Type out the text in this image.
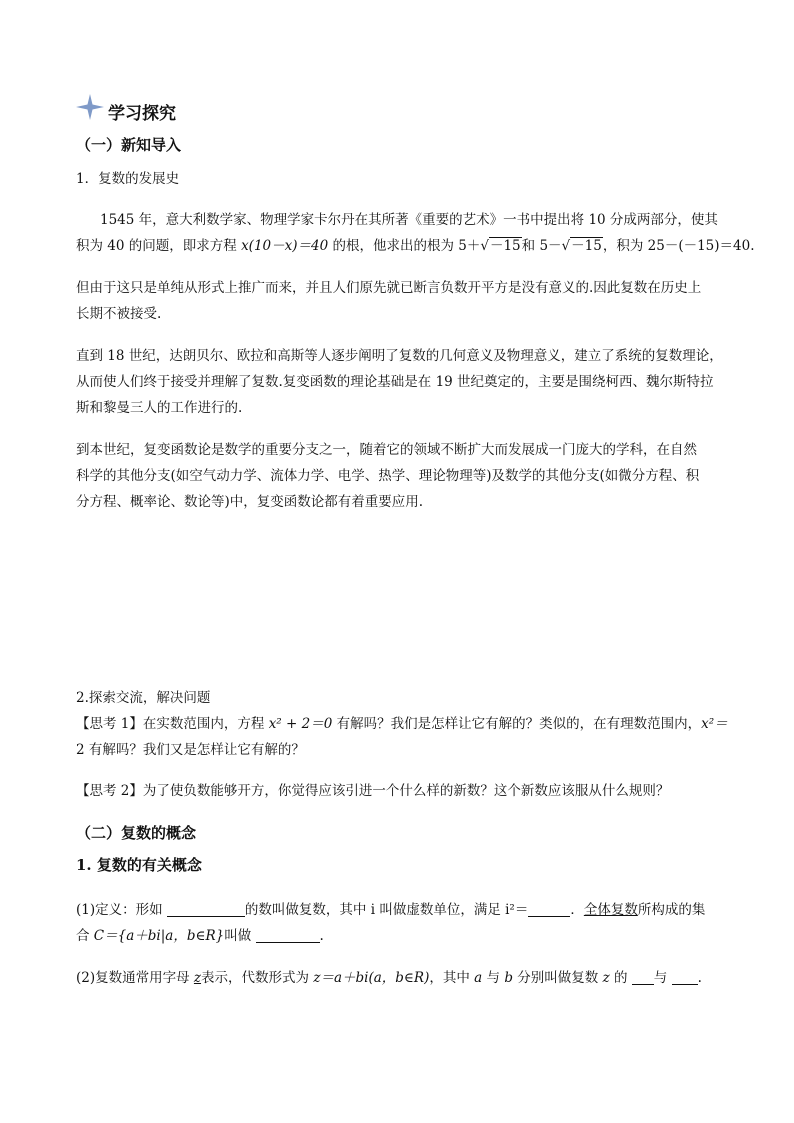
学习探究
（一）新知导入
1．复数的发展史
1545 年，意大利数学家、物理学家卡尔丹在其所著《重要的艺术》一书中提出将 10 分成两部分，使其
积为 40 的问题，即求方程 x(10－x)＝40 的根，他求出的根为 5＋√－15和 5－√－15，积为 25－(－15)＝40.
但由于这只是单纯从形式上推广而来，并且人们原先就已断言负数开平方是没有意义的.因此复数在历史上
长期不被接受.
直到 18 世纪，达朗贝尔、欧拉和高斯等人逐步阐明了复数的几何意义及物理意义，建立了系统的复数理论，
从而使人们终于接受并理解了复数.复变函数的理论基础是在 19 世纪奠定的，主要是围绕柯西、魏尔斯特拉
斯和黎曼三人的工作进行的.
到本世纪，复变函数论是数学的重要分支之一，随着它的领域不断扩大而发展成一门庞大的学科，在自然
科学的其他分支(如空气动力学、流体力学、电学、热学、理论物理等)及数学的其他分支(如微分方程、积
分方程、概率论、数论等)中，复变函数论都有着重要应用.
2.探索交流，解决问题
【思考 1】在实数范围内，方程 x² + 2＝0 有解吗？我们是怎样让它有解的？类似的，在有理数范围内，x²＝
2 有解吗？我们又是怎样让它有解的？
【思考 2】为了使负数能够开方，你觉得应该引进一个什么样的新数？这个新数应该服从什么规则？
（二）复数的概念
1. 复数的有关概念
(1)定义：形如	的数叫做复数，其中 i 叫做虚数单位，满足 i²＝	．全体复数所构成的集
合 C＝{a＋bi|a，b∈R}叫做	.
(2)复数通常用字母 z表示，代数形式为 z＝a＋bi(a，b∈R)，其中 a 与 b 分别叫做复数 z 的 与 .
